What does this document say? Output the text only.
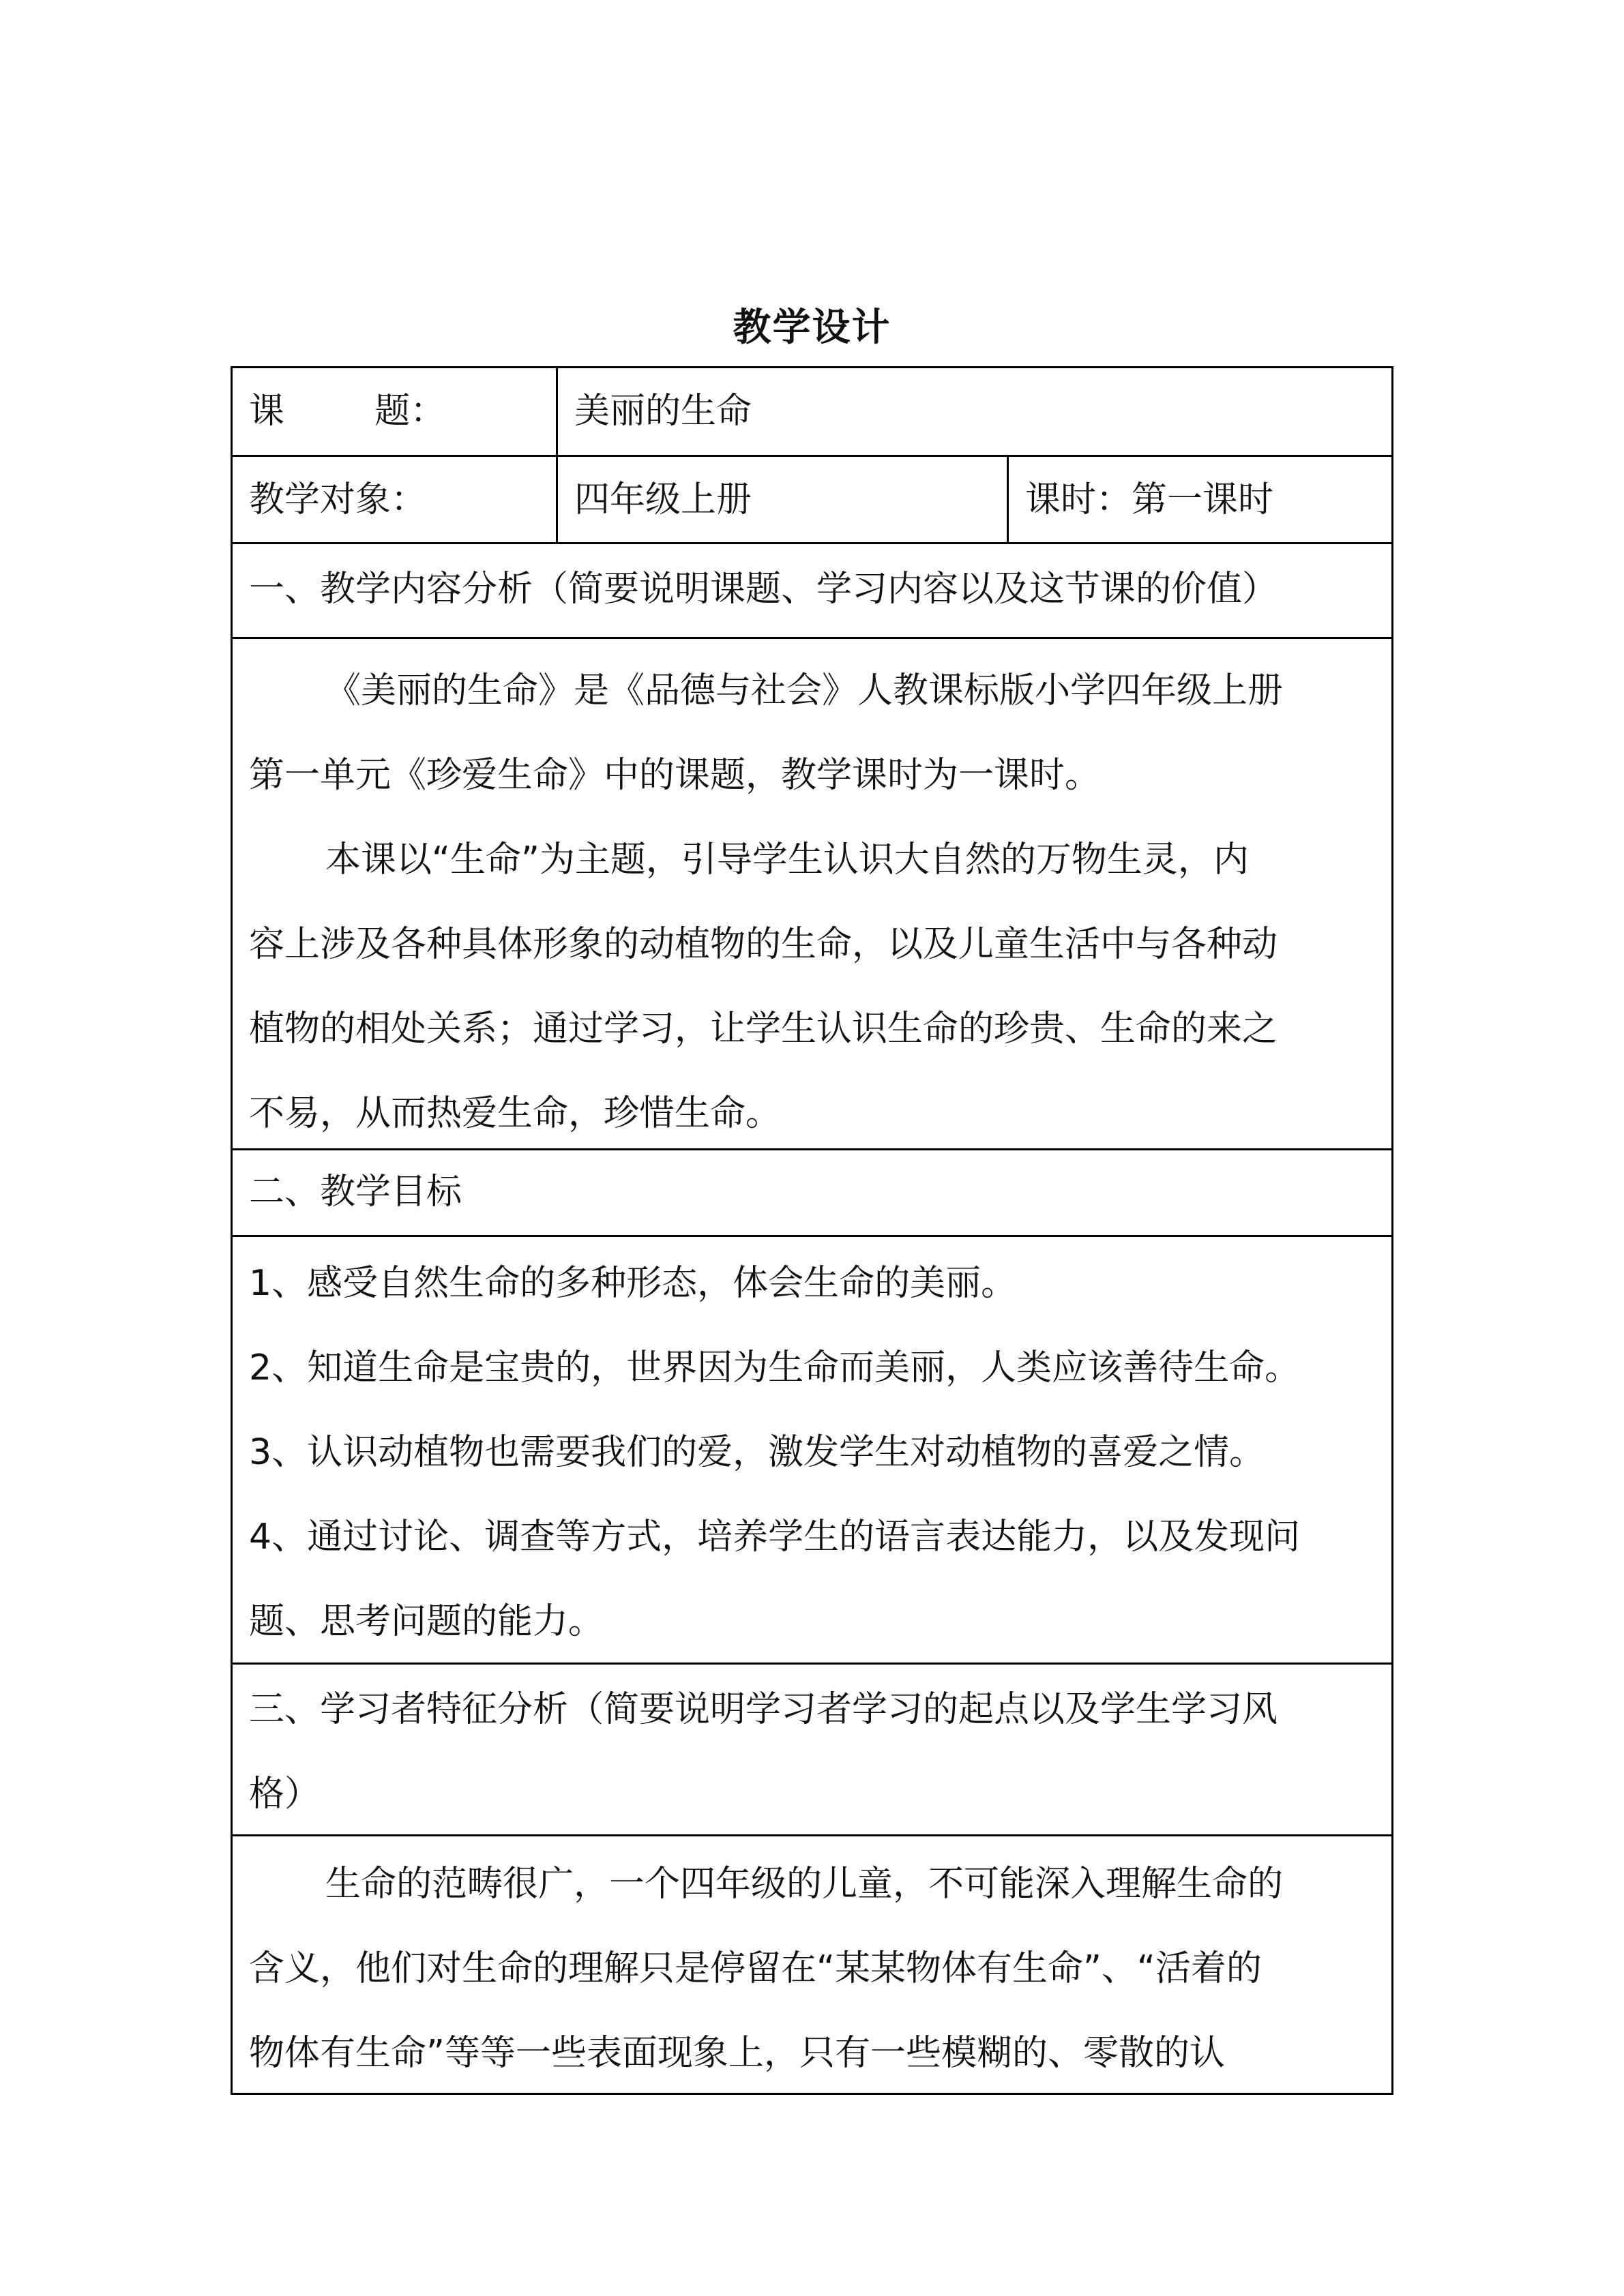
教学设计
课        题：	美丽的生命
教学对象：	四年级上册	课时：第一课时

一、教学内容分析（简要说明课题、学习内容以及这节课的价值）

《美丽的生命》是《品德与社会》人教课标版小学四年级上册

第一单元《珍爱生命》中的课题，教学课时为一课时。

本课以“生命”为主题，引导学生认识大自然的万物生灵，内

容上涉及各种具体形象的动植物的生命，以及儿童生活中与各种动

植物的相处关系；通过学习，让学生认识生命的珍贵、生命的来之

不易，从而热爱生命，珍惜生命。

二、教学目标

1、感受自然生命的多种形态，体会生命的美丽。

2、知道生命是宝贵的，世界因为生命而美丽，人类应该善待生命。

3、认识动植物也需要我们的爱，激发学生对动植物的喜爱之情。

4、通过讨论、调查等方式，培养学生的语言表达能力，以及发现问

题、思考问题的能力。

三、学习者特征分析（简要说明学习者学习的起点以及学生学习风

格）

生命的范畴很广，一个四年级的儿童，不可能深入理解生命的

含义，他们对生命的理解只是停留在“某某物体有生命”、“活着的

物体有生命”等等一些表面现象上，只有一些模糊的、零散的认
